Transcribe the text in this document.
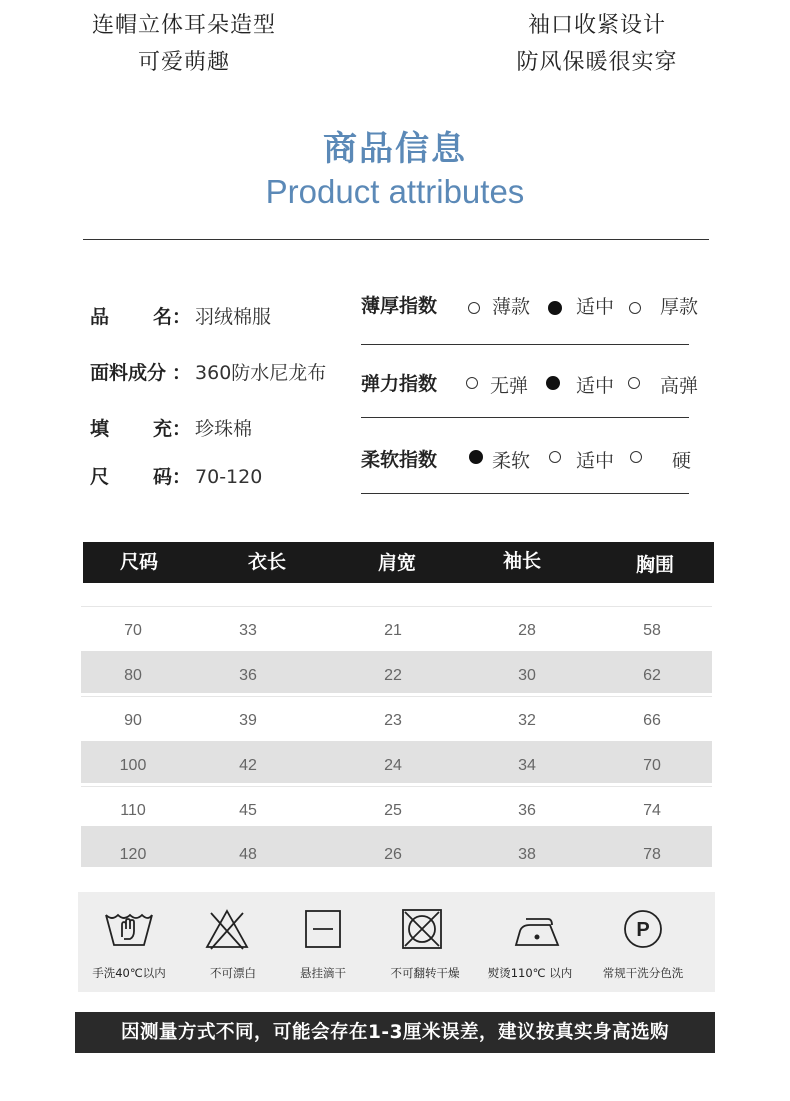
连帽立体耳朵造型
可爱萌趣
袖口收紧设计
防风保暖很实穿
商品信息
Product attributes
品 名 ： 羽绒棉服
面料成分 ： 360防水尼龙布
填 充 ： 珍珠棉
尺 码 ： 70-120
薄厚指数	薄款 适中 厚款
弹力指数	无弹	适中 高弹
柔软指数	柔软 适中	硬
尺码	衣长	肩宽	袖长	胸围
70	33	21	28	58
80	36	22	30	62
90	39	23	32	66
100	42	24	34	70
110	45	25	36	74
120	48	26	38	78
手洗40℃以内	不可漂白	悬挂滴干	不可翻转干燥	熨烫110℃ 以内
P
常规干洗分色洗
因测量方式不同，可能会存在1-3厘米误差，建议按真实身高选购
